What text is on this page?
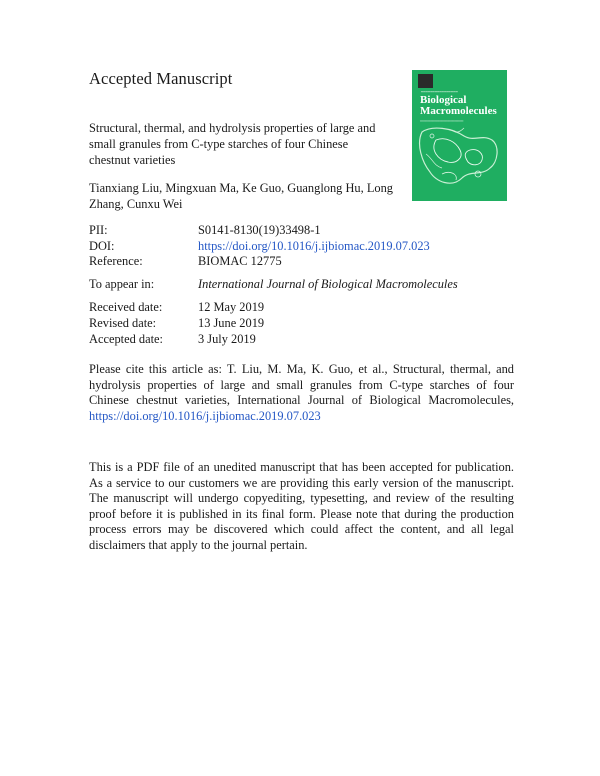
Accepted Manuscript
Structural, thermal, and hydrolysis properties of large and small granules from C-type starches of four Chinese chestnut varieties
Tianxiang Liu, Mingxuan Ma, Ke Guo, Guanglong Hu, Long Zhang, Cunxu Wei
━━━━━━━━━━━━━━━━
Biological
Macromolecules
━━━━━━━━━━━━━━━━━━━━━━━━
PII:	S0141-8130(19)33498-1
DOI:	https://doi.org/10.1016/j.ijbiomac.2019.07.023
Reference:	BIOMAC 12775
To appear in:	International Journal of Biological Macromolecules
Received date:	12 May 2019
Revised date:	13 June 2019
Accepted date:	3 July 2019

Please cite this article as: T. Liu, M. Ma, K. Guo, et al., Structural, thermal, and hydrolysis properties of large and small granules from C-type starches of four Chinese chestnut varieties, International Journal of Biological Macromolecules, https://doi.org/10.1016/j.ijbiomac.2019.07.023

This is a PDF file of an unedited manuscript that has been accepted for publication. As a service to our customers we are providing this early version of the manuscript. The manuscript will undergo copyediting, typesetting, and review of the resulting proof before it is published in its final form. Please note that during the production process errors may be discovered which could affect the content, and all legal disclaimers that apply to the journal pertain.
